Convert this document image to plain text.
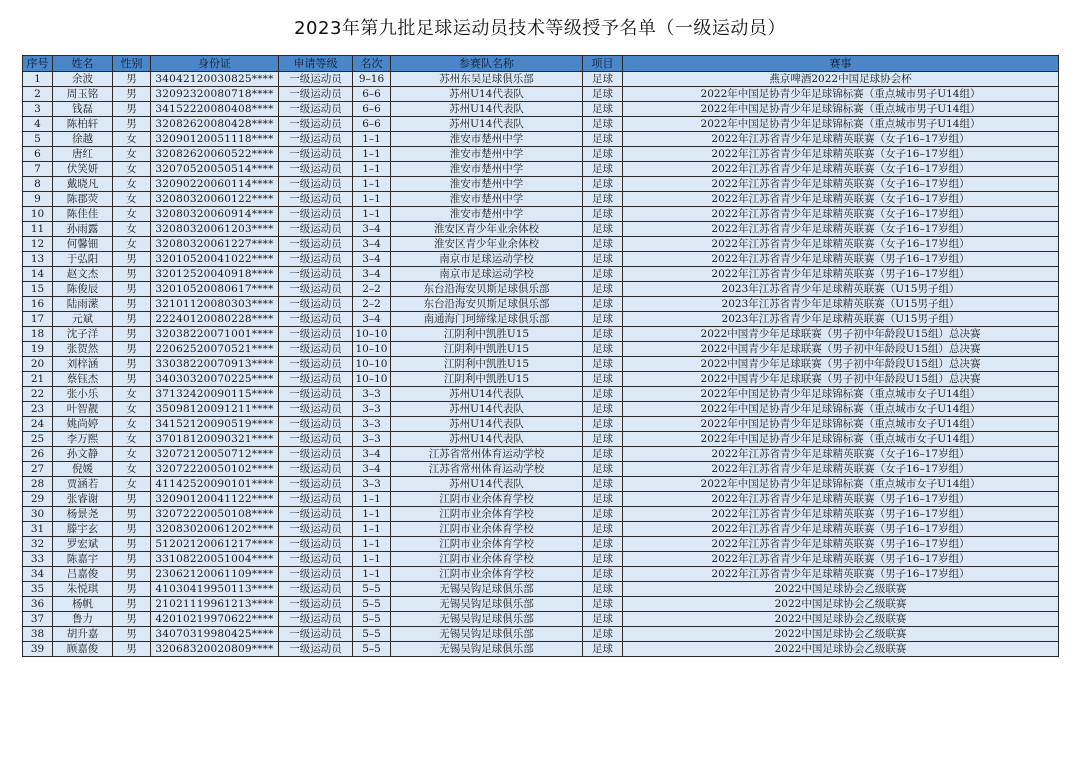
2023年第九批足球运动员技术等级授予名单（一级运动员）
序号	姓名	性别	身份证	申请等级	名次	参赛队名称	项目	赛事
1	余波	男	34042120030825****	一级运动员	9–16	苏州东吴足球俱乐部	足球	燕京啤酒2022中国足球协会杯
2	周玉铭	男	32092320080718****	一级运动员	6–6	苏州U14代表队	足球	2022年中国足协青少年足球锦标赛（重点城市男子U14组）
3	钱磊	男	34152220080408****	一级运动员	6–6	苏州U14代表队	足球	2022年中国足协青少年足球锦标赛（重点城市男子U14组）
4	陈柏轩	男	32082620080428****	一级运动员	6–6	苏州U14代表队	足球	2022年中国足协青少年足球锦标赛（重点城市男子U14组）
5	徐越	女	32090120051118****	一级运动员	1–1	淮安市楚州中学	足球	2022年江苏省青少年足球精英联赛（女子16–17岁组）
6	唐红	女	32082620060522****	一级运动员	1–1	淮安市楚州中学	足球	2022年江苏省青少年足球精英联赛（女子16–17岁组）
7	伏笑妍	女	32070520050514****	一级运动员	1–1	淮安市楚州中学	足球	2022年江苏省青少年足球精英联赛（女子16–17岁组）
8	戴晓凡	女	32090220060114****	一级运动员	1–1	淮安市楚州中学	足球	2022年江苏省青少年足球精英联赛（女子16–17岁组）
9	陈郡荧	女	32080320060122****	一级运动员	1–1	淮安市楚州中学	足球	2022年江苏省青少年足球精英联赛（女子16–17岁组）
10	陈佳佳	女	32080320060914****	一级运动员	1–1	淮安市楚州中学	足球	2022年江苏省青少年足球精英联赛（女子16–17岁组）
11	孙雨露	女	32080320061203****	一级运动员	3–4	淮安区青少年业余体校	足球	2022年江苏省青少年足球精英联赛（女子16–17岁组）
12	何馨钿	女	32080320061227****	一级运动员	3–4	淮安区青少年业余体校	足球	2022年江苏省青少年足球精英联赛（女子16–17岁组）
13	于弘阳	男	32010520041022****	一级运动员	3–4	南京市足球运动学校	足球	2022年江苏省青少年足球精英联赛（男子16–17岁组）
14	赵文杰	男	32012520040918****	一级运动员	3–4	南京市足球运动学校	足球	2022年江苏省青少年足球精英联赛（男子16–17岁组）
15	陈俊辰	男	32010520080617****	一级运动员	2–2	东台沿海安贝斯足球俱乐部	足球	2023年江苏省青少年足球精英联赛（U15男子组）
16	陆雨潆	男	32101120080303****	一级运动员	2–2	东台沿海安贝斯足球俱乐部	足球	2023年江苏省青少年足球精英联赛（U15男子组）
17	元斌	男	22240120080228****	一级运动员	3–4	南通海门珂缔缘足球俱乐部	足球	2023年江苏省青少年足球精英联赛（U15男子组）
18	沈子洋	男	32038220071001****	一级运动员	10–10	江阴利中凯胜U15	足球	2022中国青少年足球联赛（男子初中年龄段U15组）总决赛
19	张贺然	男	22062520070521****	一级运动员	10–10	江阴利中凯胜U15	足球	2022中国青少年足球联赛（男子初中年龄段U15组）总决赛
20	刘梓涵	男	33038220070913****	一级运动员	10–10	江阴利中凯胜U15	足球	2022中国青少年足球联赛（男子初中年龄段U15组）总决赛
21	蔡钰杰	男	34030320070225****	一级运动员	10–10	江阴利中凯胜U15	足球	2022中国青少年足球联赛（男子初中年龄段U15组）总决赛
22	张小乐	女	37132420090115****	一级运动员	3–3	苏州U14代表队	足球	2022年中国足协青少年足球锦标赛（重点城市女子U14组）
23	叶智靓	女	35098120091211****	一级运动员	3–3	苏州U14代表队	足球	2022年中国足协青少年足球锦标赛（重点城市女子U14组）
24	姚尚婷	女	34152120090519****	一级运动员	3–3	苏州U14代表队	足球	2022年中国足协青少年足球锦标赛（重点城市女子U14组）
25	李万熙	女	37018120090321****	一级运动员	3–3	苏州U14代表队	足球	2022年中国足协青少年足球锦标赛（重点城市女子U14组）
26	孙文静	女	32072120050712****	一级运动员	3–4	江苏省常州体育运动学校	足球	2022年江苏省青少年足球精英联赛（女子16–17岁组）
27	倪媛	女	32072220050102****	一级运动员	3–4	江苏省常州体育运动学校	足球	2022年江苏省青少年足球精英联赛（女子16–17岁组）
28	贾涵若	女	41142520090101****	一级运动员	3–3	苏州U14代表队	足球	2022年中国足协青少年足球锦标赛（重点城市女子U14组）
29	张睿谢	男	32090120041122****	一级运动员	1–1	江阴市业余体育学校	足球	2022年江苏省青少年足球精英联赛（男子16–17岁组）
30	杨景尧	男	32072220050108****	一级运动员	1–1	江阴市业余体育学校	足球	2022年江苏省青少年足球精英联赛（男子16–17岁组）
31	滕宇玄	男	32083020061202****	一级运动员	1–1	江阴市业余体育学校	足球	2022年江苏省青少年足球精英联赛（男子16–17岁组）
32	罗宏斌	男	51202120061217****	一级运动员	1–1	江阴市业余体育学校	足球	2022年江苏省青少年足球精英联赛（男子16–17岁组）
33	陈嘉宇	男	33108220051004****	一级运动员	1–1	江阴市业余体育学校	足球	2022年江苏省青少年足球精英联赛（男子16–17岁组）
34	吕嘉俊	男	23062120061109****	一级运动员	1–1	江阴市业余体育学校	足球	2022年江苏省青少年足球精英联赛（男子16–17岁组）
35	朱悦琪	男	41030419950113****	一级运动员	5–5	无锡吴钩足球俱乐部	足球	2022中国足球协会乙级联赛
36	杨帆	男	21021119961213****	一级运动员	5–5	无锡吴钩足球俱乐部	足球	2022中国足球协会乙级联赛
37	鲁力	男	42010219970622****	一级运动员	5–5	无锡吴钩足球俱乐部	足球	2022中国足球协会乙级联赛
38	胡升嘉	男	34070319980425****	一级运动员	5–5	无锡吴钩足球俱乐部	足球	2022中国足球协会乙级联赛
39	顾嘉俊	男	32068320020809****	一级运动员	5–5	无锡吴钩足球俱乐部	足球	2022中国足球协会乙级联赛
